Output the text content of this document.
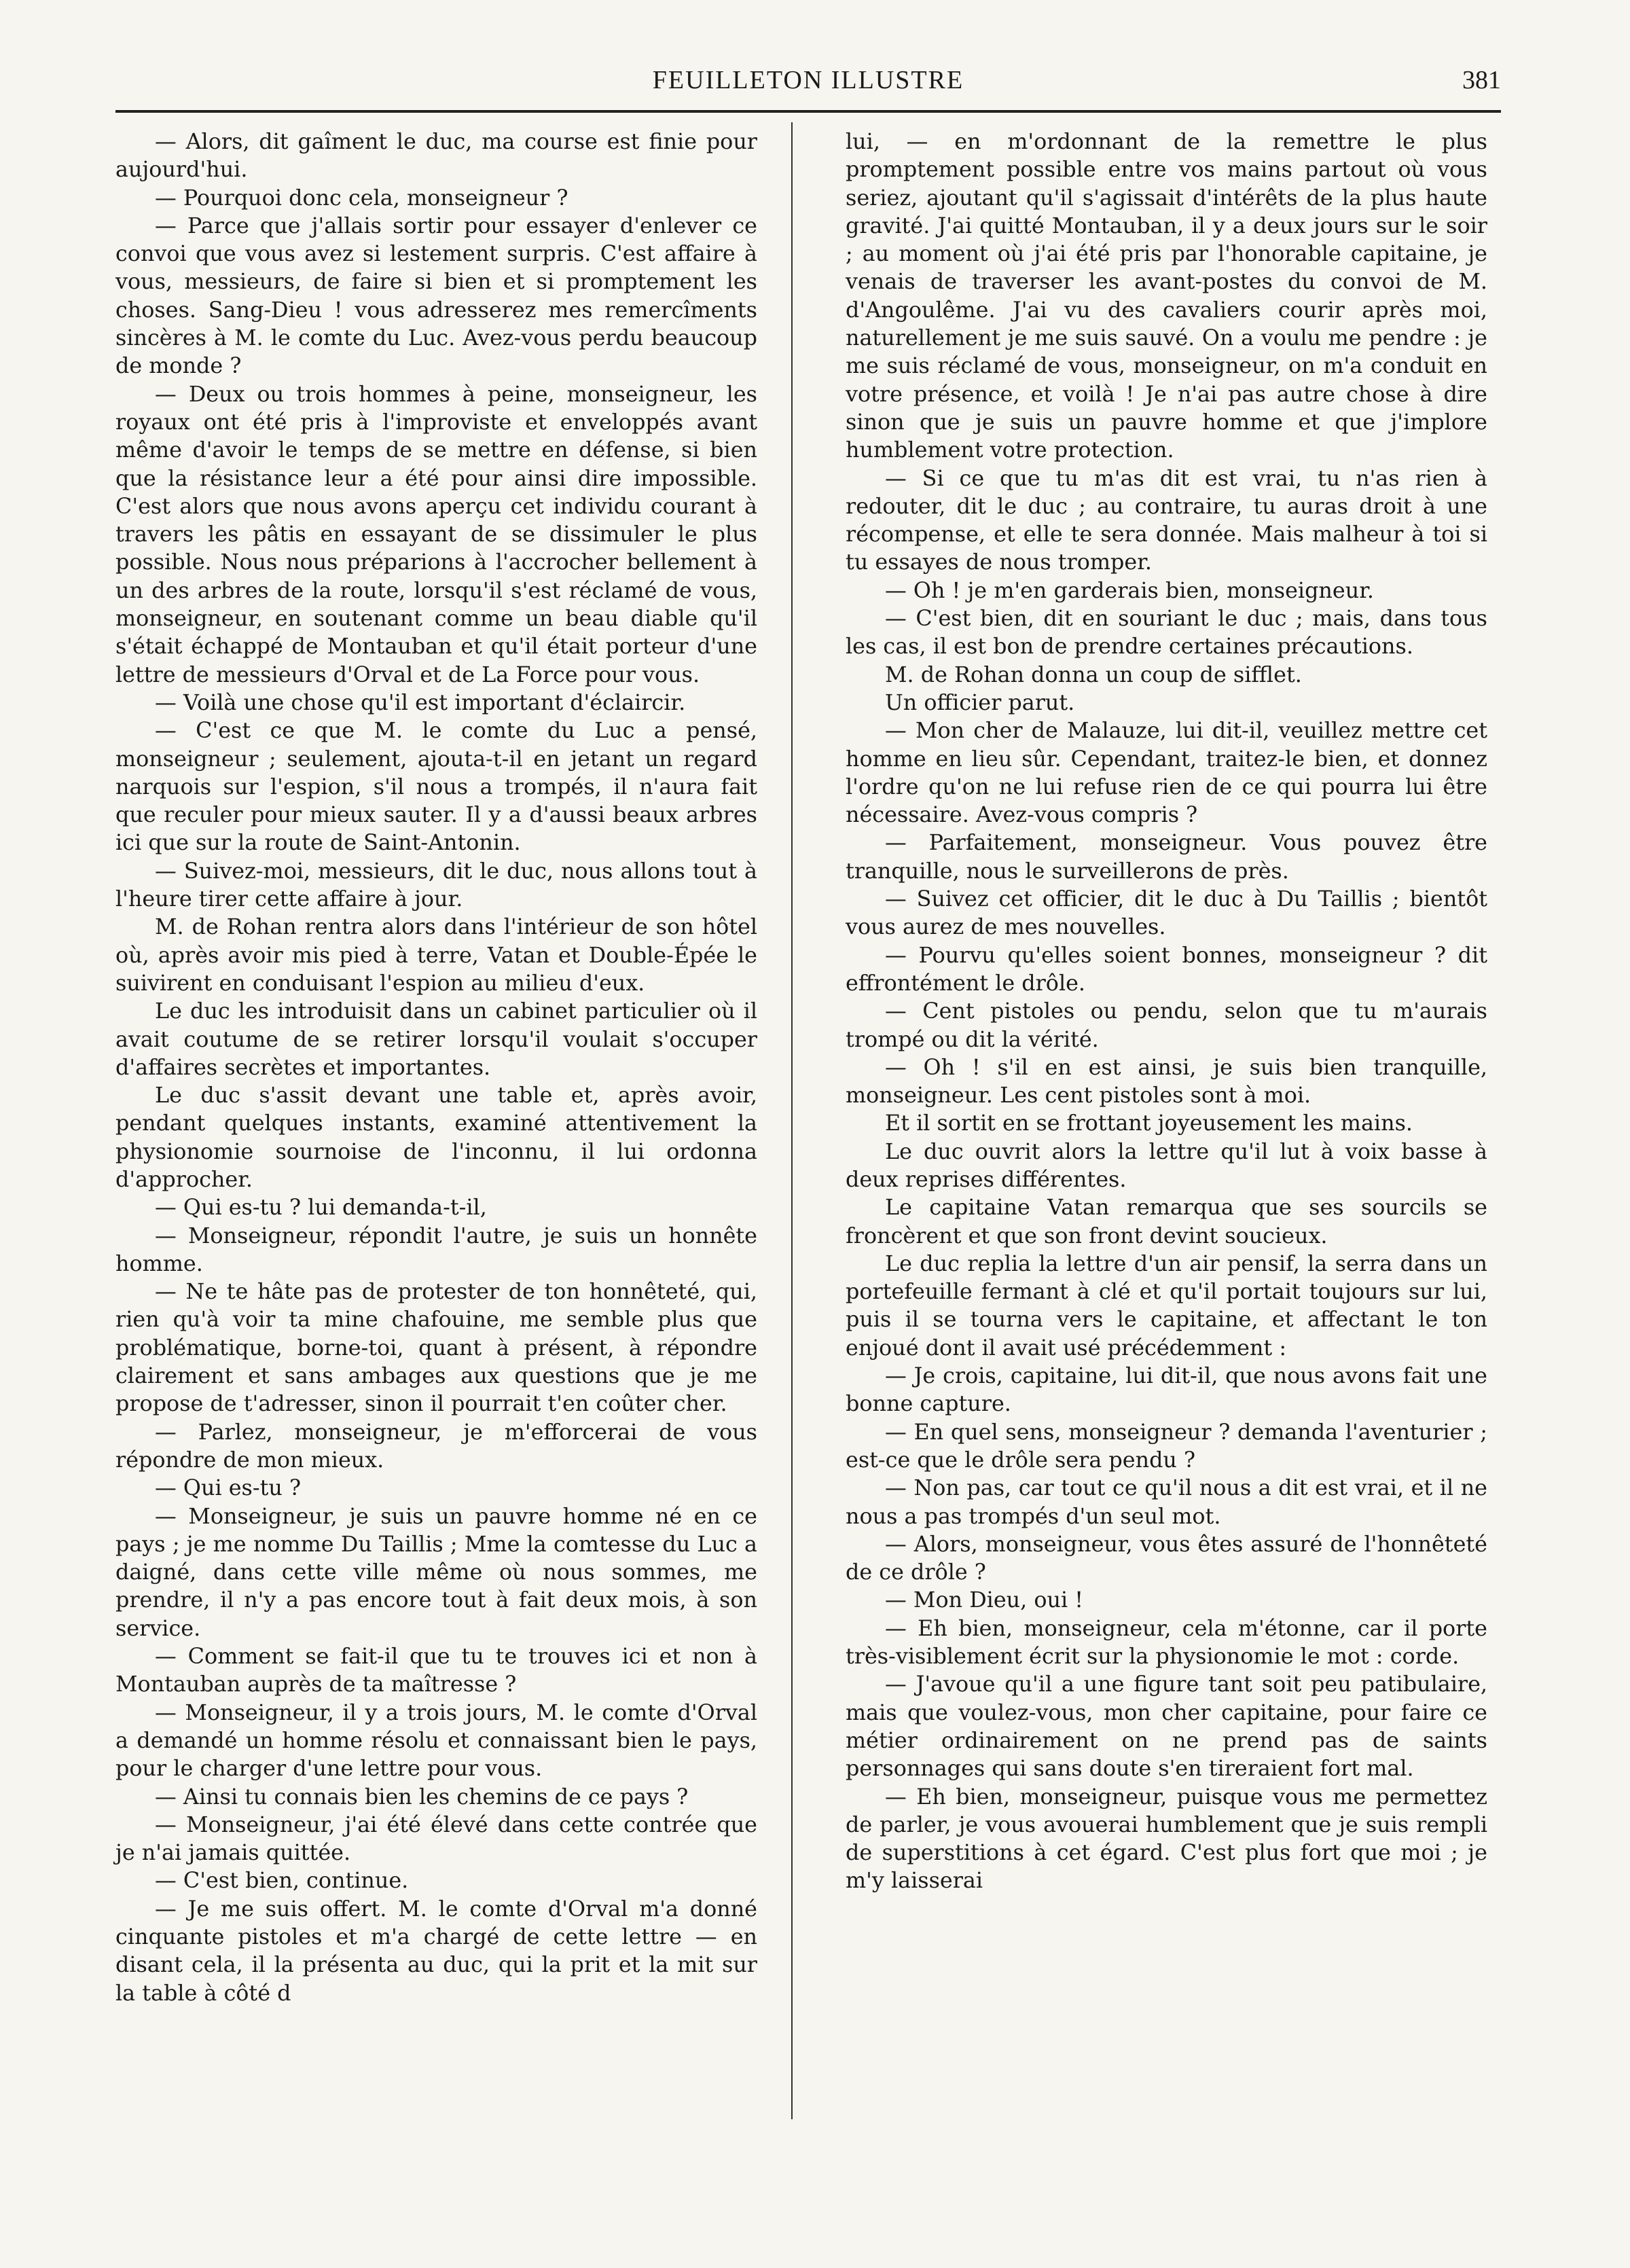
FEUILLETON ILLUSTRE	381

— Alors, dit gaîment le duc, ma course est finie pour aujourd'hui.

— Pourquoi donc cela, monseigneur ?

— Parce que j'allais sortir pour essayer d'enlever ce convoi que vous avez si lestement surpris. C'est affaire à vous, messieurs, de faire si bien et si promptement les choses. Sang-Dieu ! vous adresserez mes remercîments sincères à M. le comte du Luc. Avez-vous perdu beaucoup de monde ?

— Deux ou trois hommes à peine, monseigneur, les royaux ont été pris à l'improviste et enveloppés avant même d'avoir le temps de se mettre en défense, si bien que la résistance leur a été pour ainsi dire impossible. C'est alors que nous avons aperçu cet individu courant à travers les pâtis en essayant de se dissimuler le plus possible. Nous nous préparions à l'accrocher bellement à un des arbres de la route, lorsqu'il s'est réclamé de vous, monseigneur, en soutenant comme un beau diable qu'il s'était échappé de Montauban et qu'il était porteur d'une lettre de messieurs d'Orval et de La Force pour vous.

— Voilà une chose qu'il est important d'éclaircir.

— C'est ce que M. le comte du Luc a pensé, monseigneur ; seulement, ajouta-t-il en jetant un regard narquois sur l'espion, s'il nous a trompés, il n'aura fait que reculer pour mieux sauter. Il y a d'aussi beaux arbres ici que sur la route de Saint-Antonin.

— Suivez-moi, messieurs, dit le duc, nous allons tout à l'heure tirer cette affaire à jour.

M. de Rohan rentra alors dans l'intérieur de son hôtel où, après avoir mis pied à terre, Vatan et Double-Épée le suivirent en conduisant l'espion au milieu d'eux.

Le duc les introduisit dans un cabinet particulier où il avait coutume de se retirer lorsqu'il voulait s'occuper d'affaires secrètes et importantes.

Le duc s'assit devant une table et, après avoir, pendant quelques instants, examiné attentivement la physionomie sournoise de l'inconnu, il lui ordonna d'approcher.

— Qui es-tu ? lui demanda-t-il,

— Monseigneur, répondit l'autre, je suis un honnête homme.

— Ne te hâte pas de protester de ton honnêteté, qui, rien qu'à voir ta mine chafouine, me semble plus que problématique, borne-toi, quant à présent, à répondre clairement et sans ambages aux questions que je me propose de t'adresser, sinon il pourrait t'en coûter cher.

— Parlez, monseigneur, je m'efforcerai de vous répondre de mon mieux.

— Qui es-tu ?

— Monseigneur, je suis un pauvre homme né en ce pays ; je me nomme Du Taillis ; Mme la comtesse du Luc a daigné, dans cette ville même où nous sommes, me prendre, il n'y a pas encore tout à fait deux mois, à son service.

— Comment se fait-il que tu te trouves ici et non à Montauban auprès de ta maîtresse ?

— Monseigneur, il y a trois jours, M. le comte d'Orval a demandé un homme résolu et connaissant bien le pays, pour le charger d'une lettre pour vous.

— Ainsi tu connais bien les chemins de ce pays ?

— Monseigneur, j'ai été élevé dans cette contrée que je n'ai jamais quittée.

— C'est bien, continue.

— Je me suis offert. M. le comte d'Orval m'a donné cinquante pistoles et m'a chargé de cette lettre — en disant cela, il la présenta au duc, qui la prit et la mit sur la table à côté d

lui, — en m'ordonnant de la remettre le plus promptement possible entre vos mains partout où vous seriez, ajoutant qu'il s'agissait d'intérêts de la plus haute gravité. J'ai quitté Montauban, il y a deux jours sur le soir ; au moment où j'ai été pris par l'honorable capitaine, je venais de traverser les avant-postes du convoi de M. d'Angoulême. J'ai vu des cavaliers courir après moi, naturellement je me suis sauvé. On a voulu me pendre : je me suis réclamé de vous, monseigneur, on m'a conduit en votre présence, et voilà ! Je n'ai pas autre chose à dire sinon que je suis un pauvre homme et que j'implore humblement votre protection.

— Si ce que tu m'as dit est vrai, tu n'as rien à redouter, dit le duc ; au contraire, tu auras droit à une récompense, et elle te sera donnée. Mais malheur à toi si tu essayes de nous tromper.

— Oh ! je m'en garderais bien, monseigneur.

— C'est bien, dit en souriant le duc ; mais, dans tous les cas, il est bon de prendre certaines précautions.

M. de Rohan donna un coup de sifflet.

Un officier parut.

— Mon cher de Malauze, lui dit-il, veuillez mettre cet homme en lieu sûr. Cependant, traitez-le bien, et donnez l'ordre qu'on ne lui refuse rien de ce qui pourra lui être nécessaire. Avez-vous compris ?

— Parfaitement, monseigneur. Vous pouvez être tranquille, nous le surveillerons de près.

— Suivez cet officier, dit le duc à Du Taillis ; bientôt vous aurez de mes nouvelles.

— Pourvu qu'elles soient bonnes, monseigneur ? dit effrontément le drôle.

— Cent pistoles ou pendu, selon que tu m'aurais trompé ou dit la vérité.

— Oh ! s'il en est ainsi, je suis bien tranquille, monseigneur. Les cent pistoles sont à moi.

Et il sortit en se frottant joyeusement les mains.

Le duc ouvrit alors la lettre qu'il lut à voix basse à deux reprises différentes.

Le capitaine Vatan remarqua que ses sourcils se froncèrent et que son front devint soucieux.

Le duc replia la lettre d'un air pensif, la serra dans un portefeuille fermant à clé et qu'il portait toujours sur lui, puis il se tourna vers le capitaine, et affectant le ton enjoué dont il avait usé précédemment :

— Je crois, capitaine, lui dit-il, que nous avons fait une bonne capture.

— En quel sens, monseigneur ? demanda l'aventurier ; est-ce que le drôle sera pendu ?

— Non pas, car tout ce qu'il nous a dit est vrai, et il ne nous a pas trompés d'un seul mot.

— Alors, monseigneur, vous êtes assuré de l'honnêteté de ce drôle ?

— Mon Dieu, oui !

— Eh bien, monseigneur, cela m'étonne, car il porte très-visiblement écrit sur la physionomie le mot : corde.

— J'avoue qu'il a une figure tant soit peu patibulaire, mais que voulez-vous, mon cher capitaine, pour faire ce métier ordinairement on ne prend pas de saints personnages qui sans doute s'en tireraient fort mal.

— Eh bien, monseigneur, puisque vous me permettez de parler, je vous avouerai humblement que je suis rempli de superstitions à cet égard. C'est plus fort que moi ; je m'y laisserai
